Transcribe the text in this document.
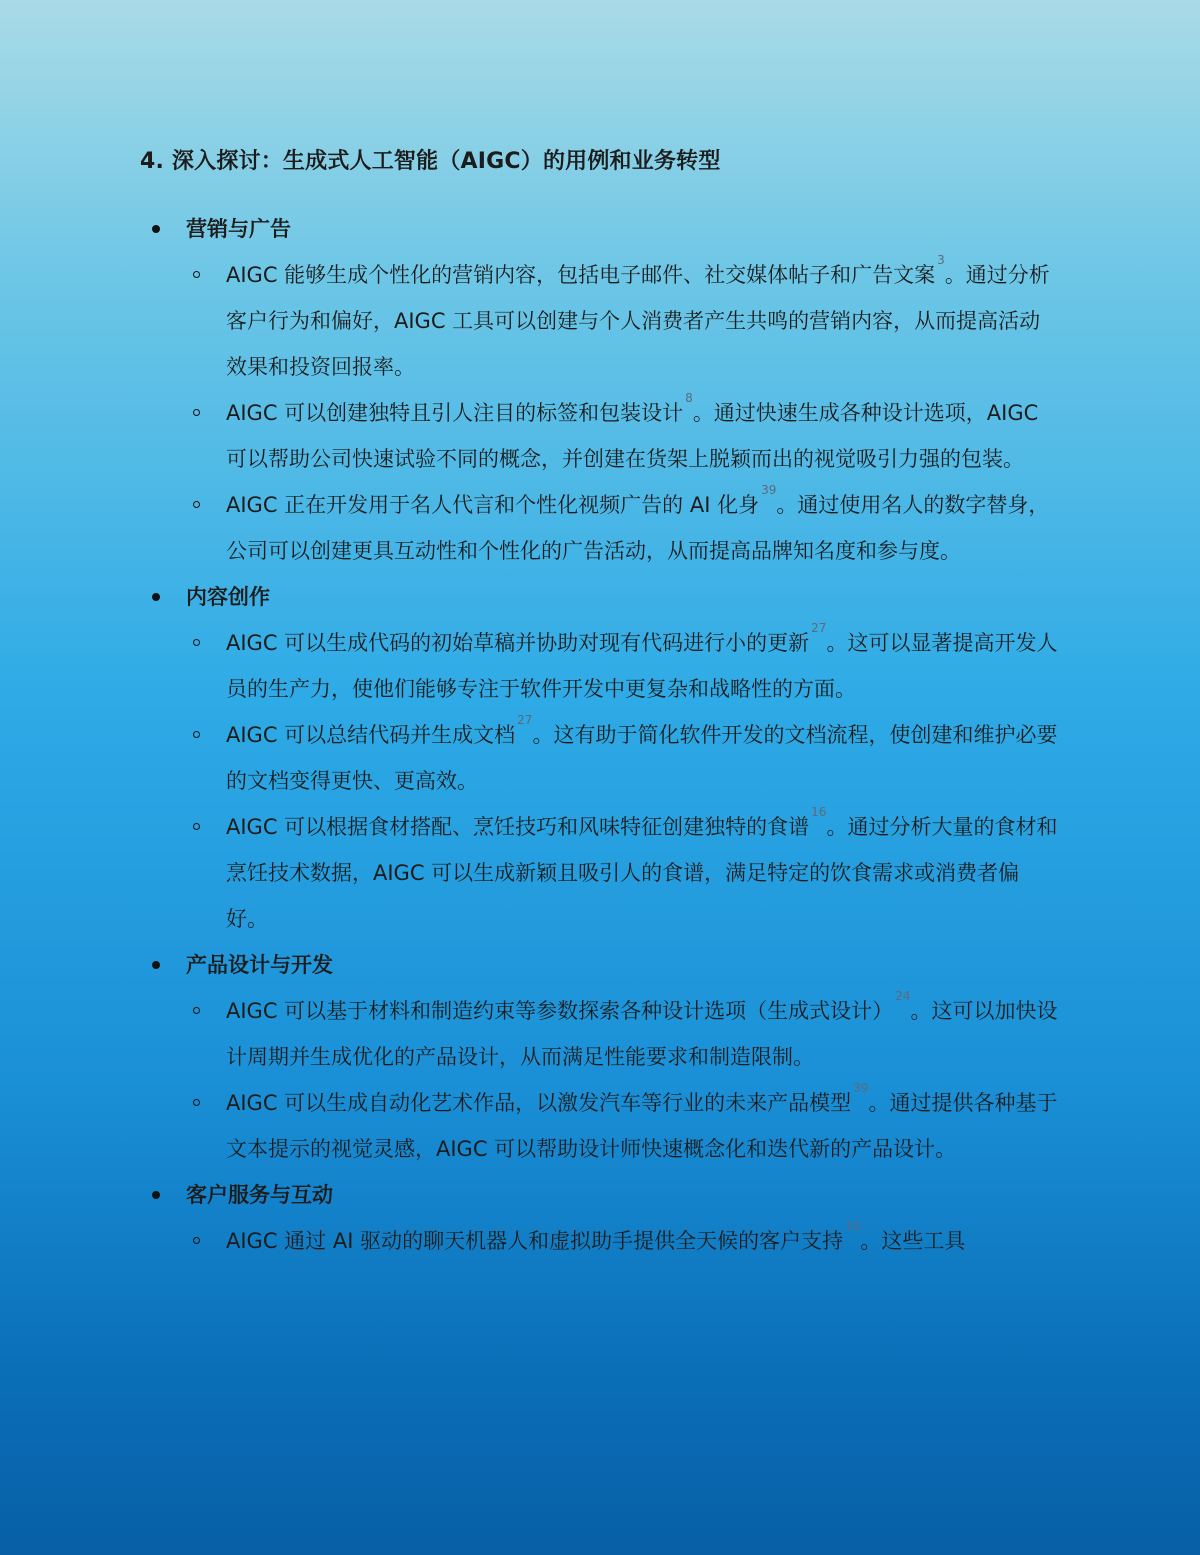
4. 深入探讨：生成式人工智能（AIGC）的用例和业务转型
营销与广告
AIGC 能够生成个性化的营销内容，包括电子邮件、社交媒体帖子和广告文案$^3$。通过分析客户行为和偏好，AIGC 工具可以创建与个人消费者产生共鸣的营销内容，从而提高活动效果和投资回报率。
AIGC 可以创建独特且引人注目的标签和包装设计$^8$。通过快速生成各种设计选项，AIGC 可以帮助公司快速试验不同的概念，并创建在货架上脱颖而出的视觉吸引力强的包装。
AIGC 正在开发用于名人代言和个性化视频广告的 AI 化身$^{39}$。通过使用名人的数字替身，公司可以创建更具互动性和个性化的广告活动，从而提高品牌知名度和参与度。
内容创作
AIGC 可以生成代码的初始草稿并协助对现有代码进行小的更新$^{27}$。这可以显著提高开发人员的生产力，使他们能够专注于软件开发中更复杂和战略性的方面。
AIGC 可以总结代码并生成文档$^{27}$。这有助于简化软件开发的文档流程，使创建和维护必要的文档变得更快、更高效。
AIGC 可以根据食材搭配、烹饪技巧和风味特征创建独特的食谱$^{16}$。通过分析大量的食材和烹饪技术数据，AIGC 可以生成新颖且吸引人的食谱，满足特定的饮食需求或消费者偏好。
产品设计与开发
AIGC 可以基于材料和制造约束等参数探索各种设计选项（生成式设计）$^{24}$。这可以加快设计周期并生成优化的产品设计，从而满足性能要求和制造限制。
AIGC 可以生成自动化艺术作品，以激发汽车等行业的未来产品模型$^{39}$。通过提供各种基于文本提示的视觉灵感，AIGC 可以帮助设计师快速概念化和迭代新的产品设计。
客户服务与互动
AIGC 通过 AI 驱动的聊天机器人和虚拟助手提供全天候的客户支持$^{10}$。这些工具
